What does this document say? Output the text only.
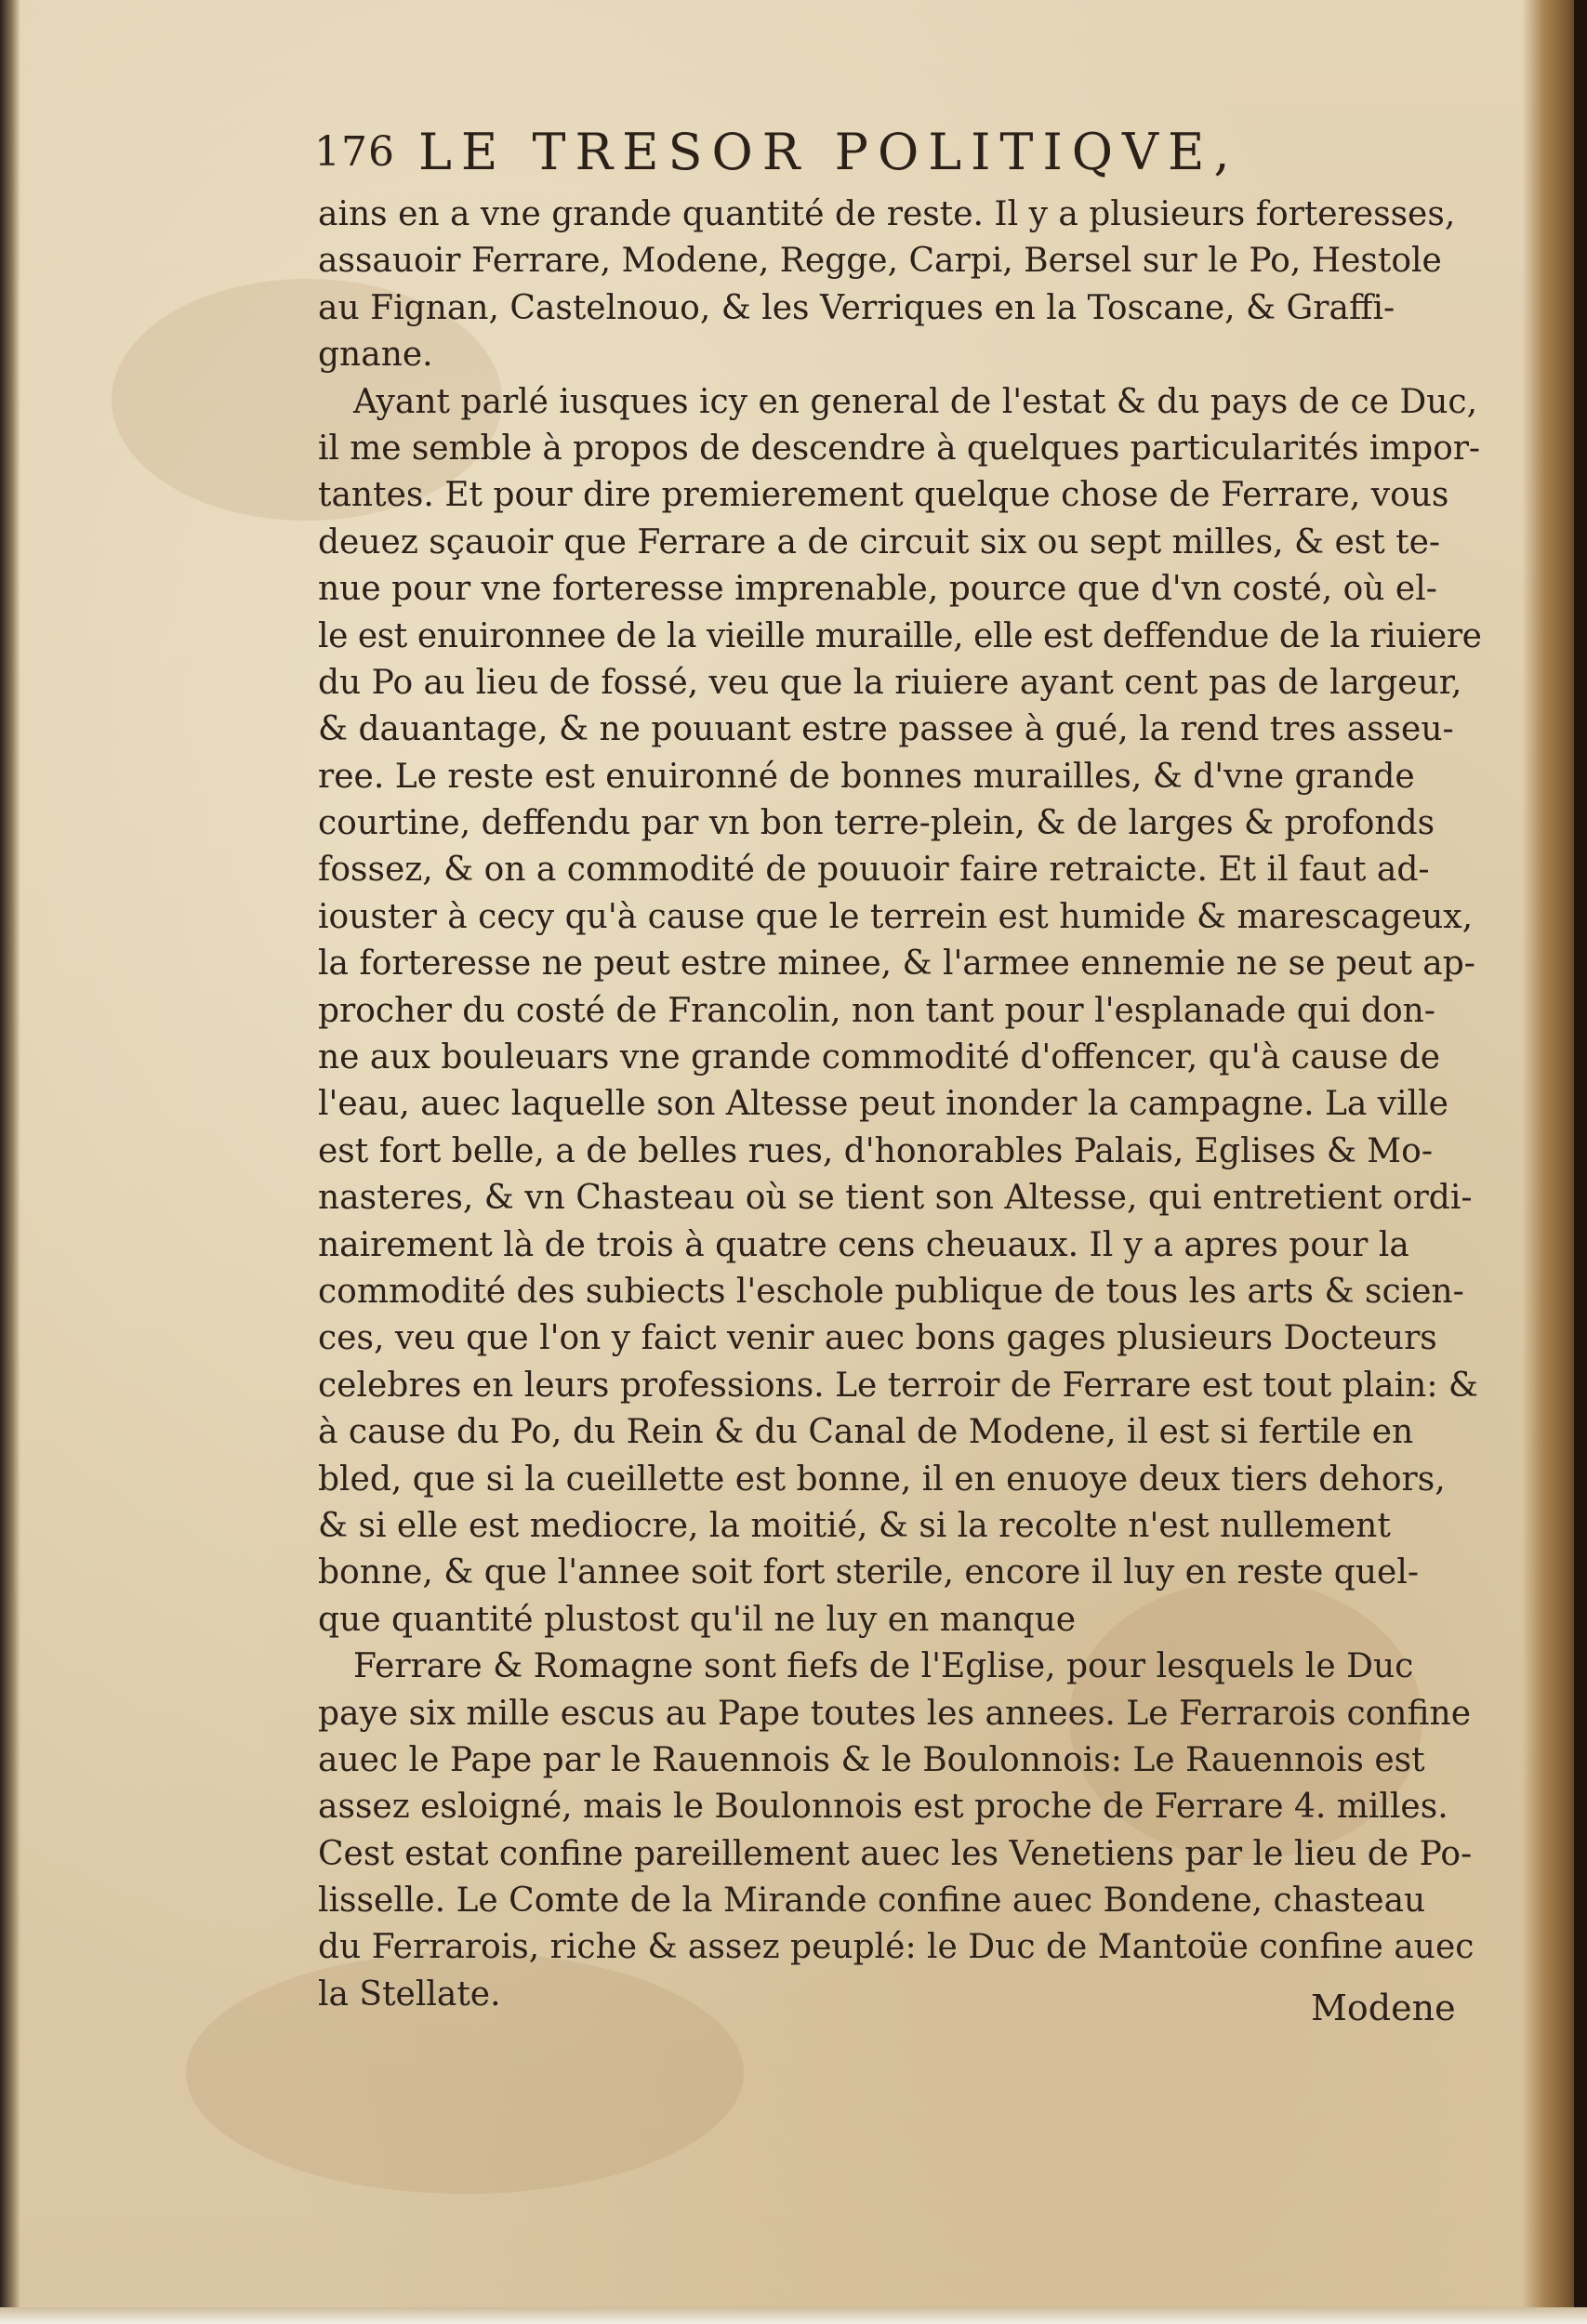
176 LE TRESOR POLITIQVE,
ains en a vne grande quantité de reste. Il y a plusieurs forteresses,
assauoir Ferrare, Modene, Regge, Carpi, Bersel sur le Po, Hestole
au Fignan, Castelnouo, & les Verriques en la Toscane, & Graffi-
gnane.
Ayant parlé iusques icy en general de l'estat & du pays de ce Duc,
il me semble à propos de descendre à quelques particularités impor-
tantes. Et pour dire premierement quelque chose de Ferrare, vous
deuez sçauoir que Ferrare a de circuit six ou sept milles, & est te-
nue pour vne forteresse imprenable, pource que d'vn costé, où el-
le est enuironnee de la vieille muraille, elle est deffendue de la riuiere
du Po au lieu de fossé, veu que la riuiere ayant cent pas de largeur,
& dauantage, & ne pouuant estre passee à gué, la rend tres asseu-
ree. Le reste est enuironné de bonnes murailles, & d'vne grande
courtine, deffendu par vn bon terre-plein, & de larges & profonds
fossez, & on a commodité de pouuoir faire retraicte. Et il faut ad-
iouster à cecy qu'à cause que le terrein est humide & marescageux,
la forteresse ne peut estre minee, & l'armee ennemie ne se peut ap-
procher du costé de Francolin, non tant pour l'esplanade qui don-
ne aux bouleuars vne grande commodité d'offencer, qu'à cause de
l'eau, auec laquelle son Altesse peut inonder la campagne. La ville
est fort belle, a de belles rues, d'honorables Palais, Eglises & Mo-
nasteres, & vn Chasteau où se tient son Altesse, qui entretient ordi-
nairement là de trois à quatre cens cheuaux. Il y a apres pour la
commodité des subiects l'eschole publique de tous les arts & scien-
ces, veu que l'on y faict venir auec bons gages plusieurs Docteurs
celebres en leurs professions. Le terroir de Ferrare est tout plain: &
à cause du Po, du Rein & du Canal de Modene, il est si fertile en
bled, que si la cueillette est bonne, il en enuoye deux tiers dehors,
& si elle est mediocre, la moitié, & si la recolte n'est nullement
bonne, & que l'annee soit fort sterile, encore il luy en reste quel-
que quantité plustost qu'il ne luy en manque
Ferrare & Romagne sont fiefs de l'Eglise, pour lesquels le Duc
paye six mille escus au Pape toutes les annees. Le Ferrarois confine
auec le Pape par le Rauennois & le Boulonnois: Le Rauennois est
assez esloigné, mais le Boulonnois est proche de Ferrare 4. milles.
Cest estat confine pareillement auec les Venetiens par le lieu de Po-
lisselle. Le Comte de la Mirande confine auec Bondene, chasteau
du Ferrarois, riche & assez peuplé: le Duc de Mantoüe confine auec
la Stellate.	Modene
